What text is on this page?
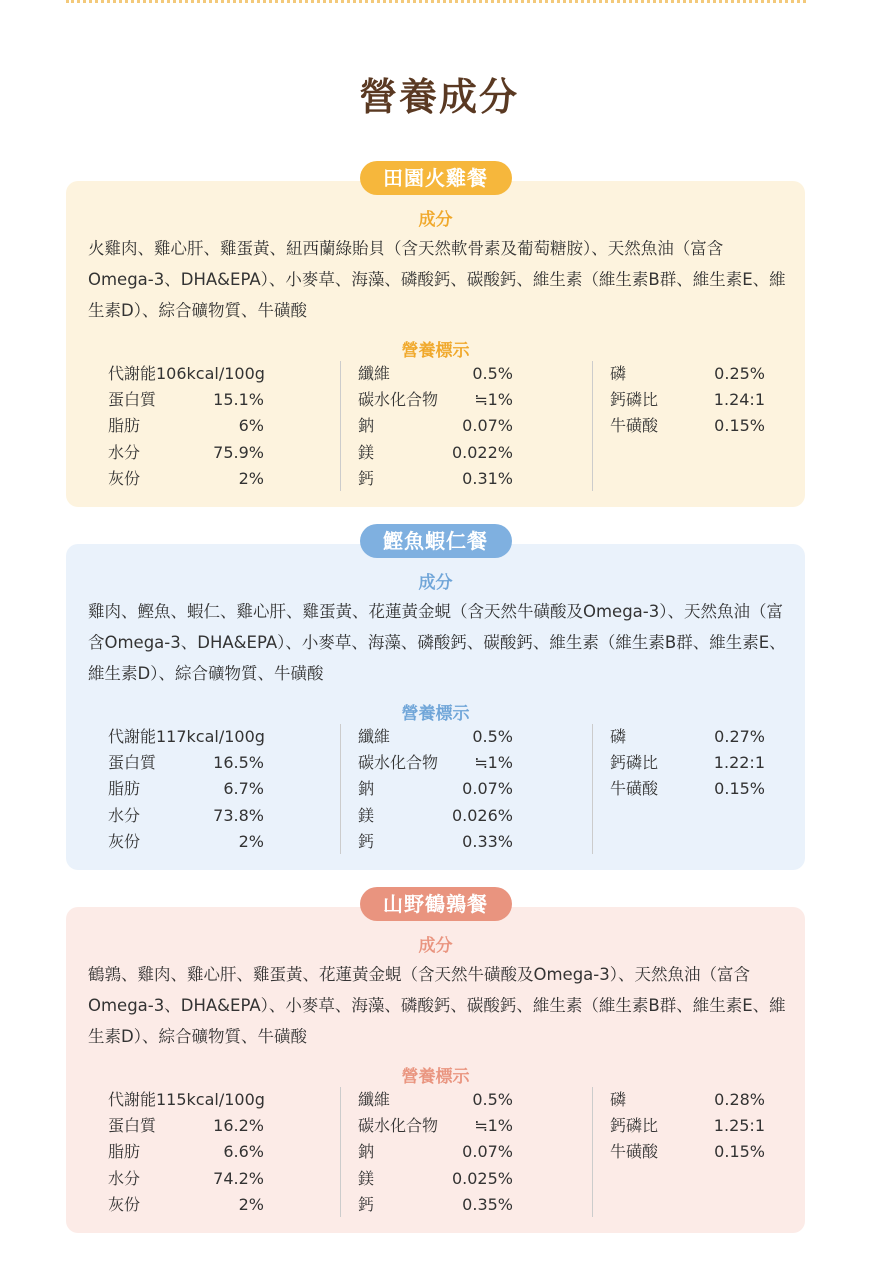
營養成分
田園火雞餐
成分

火雞肉、雞心肝、雞蛋黃、紐西蘭綠貽貝（含天然軟骨素及葡萄糖胺）、天然魚油（富含Omega-3、DHA&EPA）、小麥草、海藻、磷酸鈣、碳酸鈣、維生素（維生素B群、維生素E、維生素D）、綜合礦物質、牛磺酸

營養標示
代謝能106kcal/100g
蛋白質	15.1%
脂肪	6%
水分	75.9%
灰份	2%
纖維	0.5%
碳水化合物 ≒1%
鈉	0.07%
鎂	0.022%
鈣	0.31%
磷	0.25%
鈣磷比	1.24:1
牛磺酸	0.15%
鰹魚蝦仁餐
成分

雞肉、鰹魚、蝦仁、雞心肝、雞蛋黃、花蓮黃金蜆（含天然牛磺酸及Omega-3）、天然魚油（富含Omega-3、DHA&EPA）、小麥草、海藻、磷酸鈣、碳酸鈣、維生素（維生素B群、維生素E、維生素D）、綜合礦物質、牛磺酸

營養標示
代謝能117kcal/100g
蛋白質	16.5%
脂肪	6.7%
水分	73.8%
灰份	2%
纖維	0.5%
碳水化合物 ≒1%
鈉	0.07%
鎂	0.026%
鈣	0.33%
磷	0.27%
鈣磷比	1.22:1
牛磺酸	0.15%
山野鶴鶉餐
成分

鶴鶉、雞肉、雞心肝、雞蛋黃、花蓮黃金蜆（含天然牛磺酸及Omega-3）、天然魚油（富含Omega-3、DHA&EPA）、小麥草、海藻、磷酸鈣、碳酸鈣、維生素（維生素B群、維生素E、維生素D）、綜合礦物質、牛磺酸

營養標示
代謝能115kcal/100g
蛋白質	16.2%
脂肪	6.6%
水分	74.2%
灰份	2%
纖維	0.5%
碳水化合物 ≒1%
鈉	0.07%
鎂	0.025%
鈣	0.35%
磷	0.28%
鈣磷比	1.25:1
牛磺酸	0.15%
